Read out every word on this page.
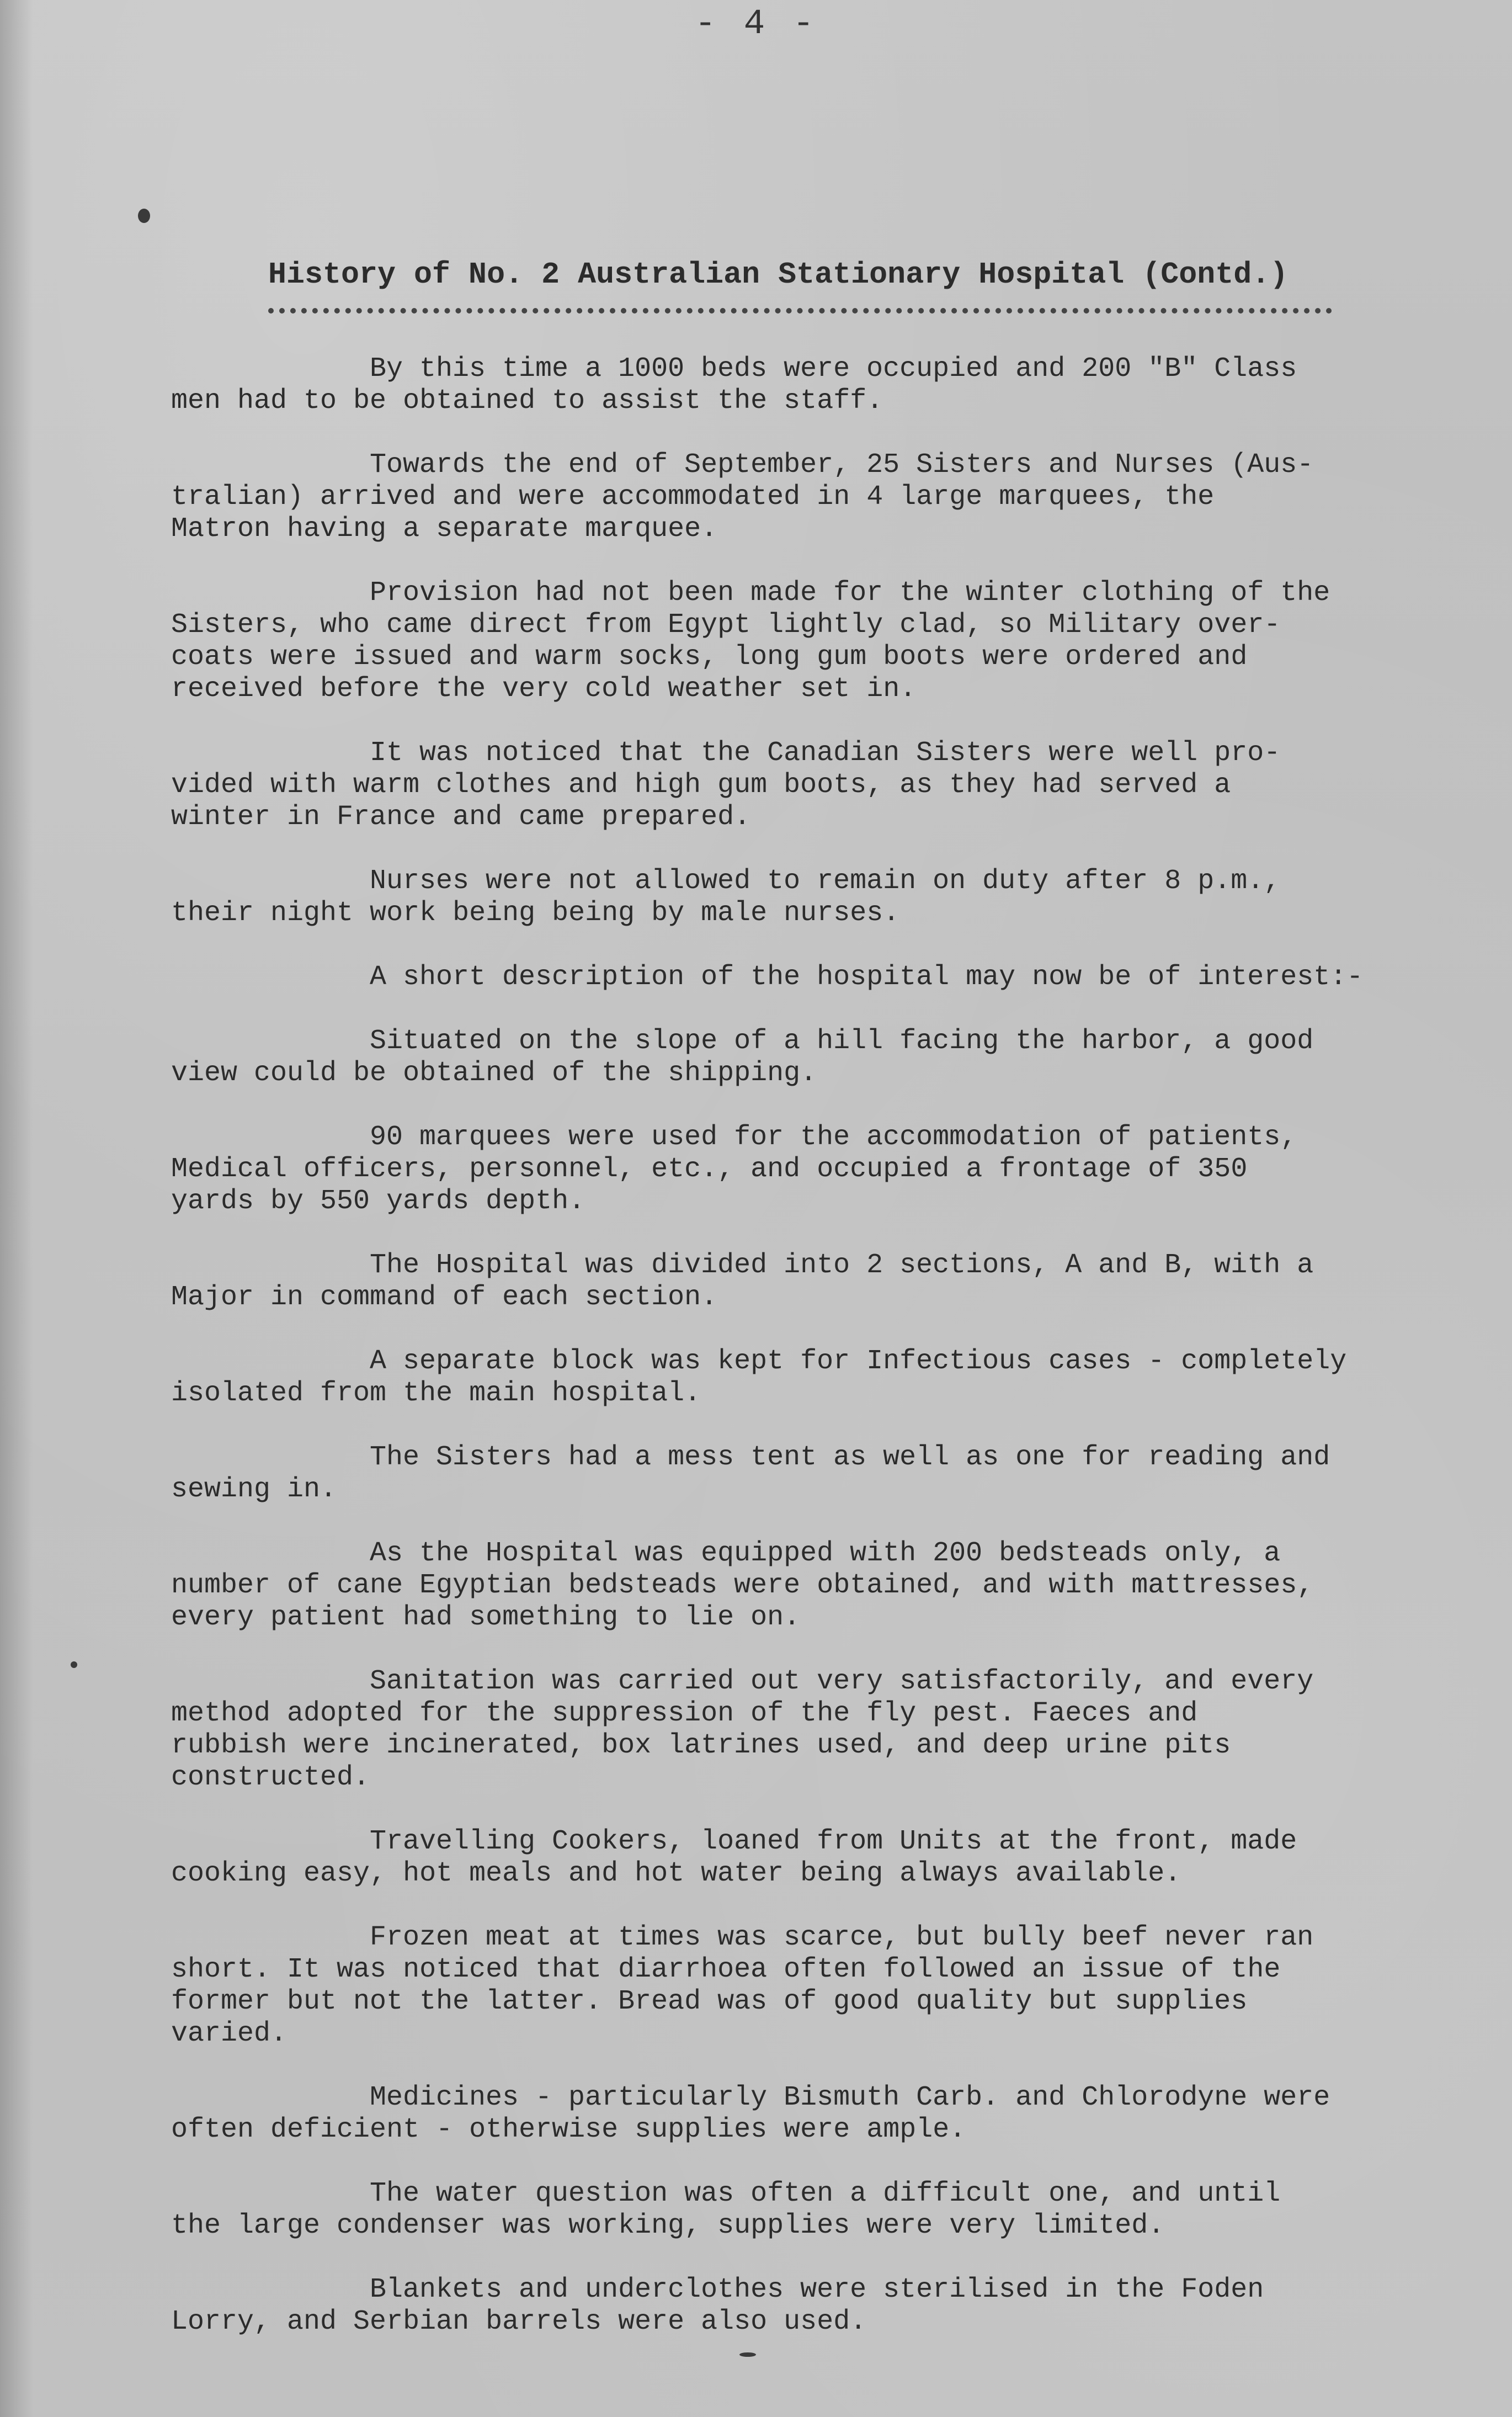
- 4 -

History of No. 2 Australian Stationary Hospital (Contd.)

By this time a 1000 beds were occupied and 200 "B" Class
men had to be obtained to assist the staff.

Towards the end of September, 25 Sisters and Nurses (Aus-
tralian) arrived and were accommodated in 4 large marquees, the
Matron having a separate marquee.

Provision had not been made for the winter clothing of the
Sisters, who came direct from Egypt lightly clad, so Military over-
coats were issued and warm socks, long gum boots were ordered and
received before the very cold weather set in.

It was noticed that the Canadian Sisters were well pro-
vided with warm clothes and high gum boots, as they had served a
winter in France and came prepared.

Nurses were not allowed to remain on duty after 8 p.m.,
their night work being being by male nurses.

A short description of the hospital may now be of interest:-

Situated on the slope of a hill facing the harbor, a good
view could be obtained of the shipping.

90 marquees were used for the accommodation of patients,
Medical officers, personnel, etc., and occupied a frontage of 350
yards by 550 yards depth.

The Hospital was divided into 2 sections, A and B, with a
Major in command of each section.

A separate block was kept for Infectious cases - completely
isolated from the main hospital.

The Sisters had a mess tent as well as one for reading and
sewing in.

As the Hospital was equipped with 200 bedsteads only, a
number of cane Egyptian bedsteads were obtained, and with mattresses,
every patient had something to lie on.

Sanitation was carried out very satisfactorily, and every
method adopted for the suppression of the fly pest. Faeces and
rubbish were incinerated, box latrines used, and deep urine pits
constructed.

Travelling Cookers, loaned from Units at the front, made
cooking easy, hot meals and hot water being always available.

Frozen meat at times was scarce, but bully beef never ran
short. It was noticed that diarrhoea often followed an issue of the
former but not the latter. Bread was of good quality but supplies
varied.

Medicines - particularly Bismuth Carb. and Chlorodyne were
often deficient - otherwise supplies were ample.

The water question was often a difficult one, and until
the large condenser was working, supplies were very limited.

Blankets and underclothes were sterilised in the Foden
Lorry, and Serbian barrels were also used.
